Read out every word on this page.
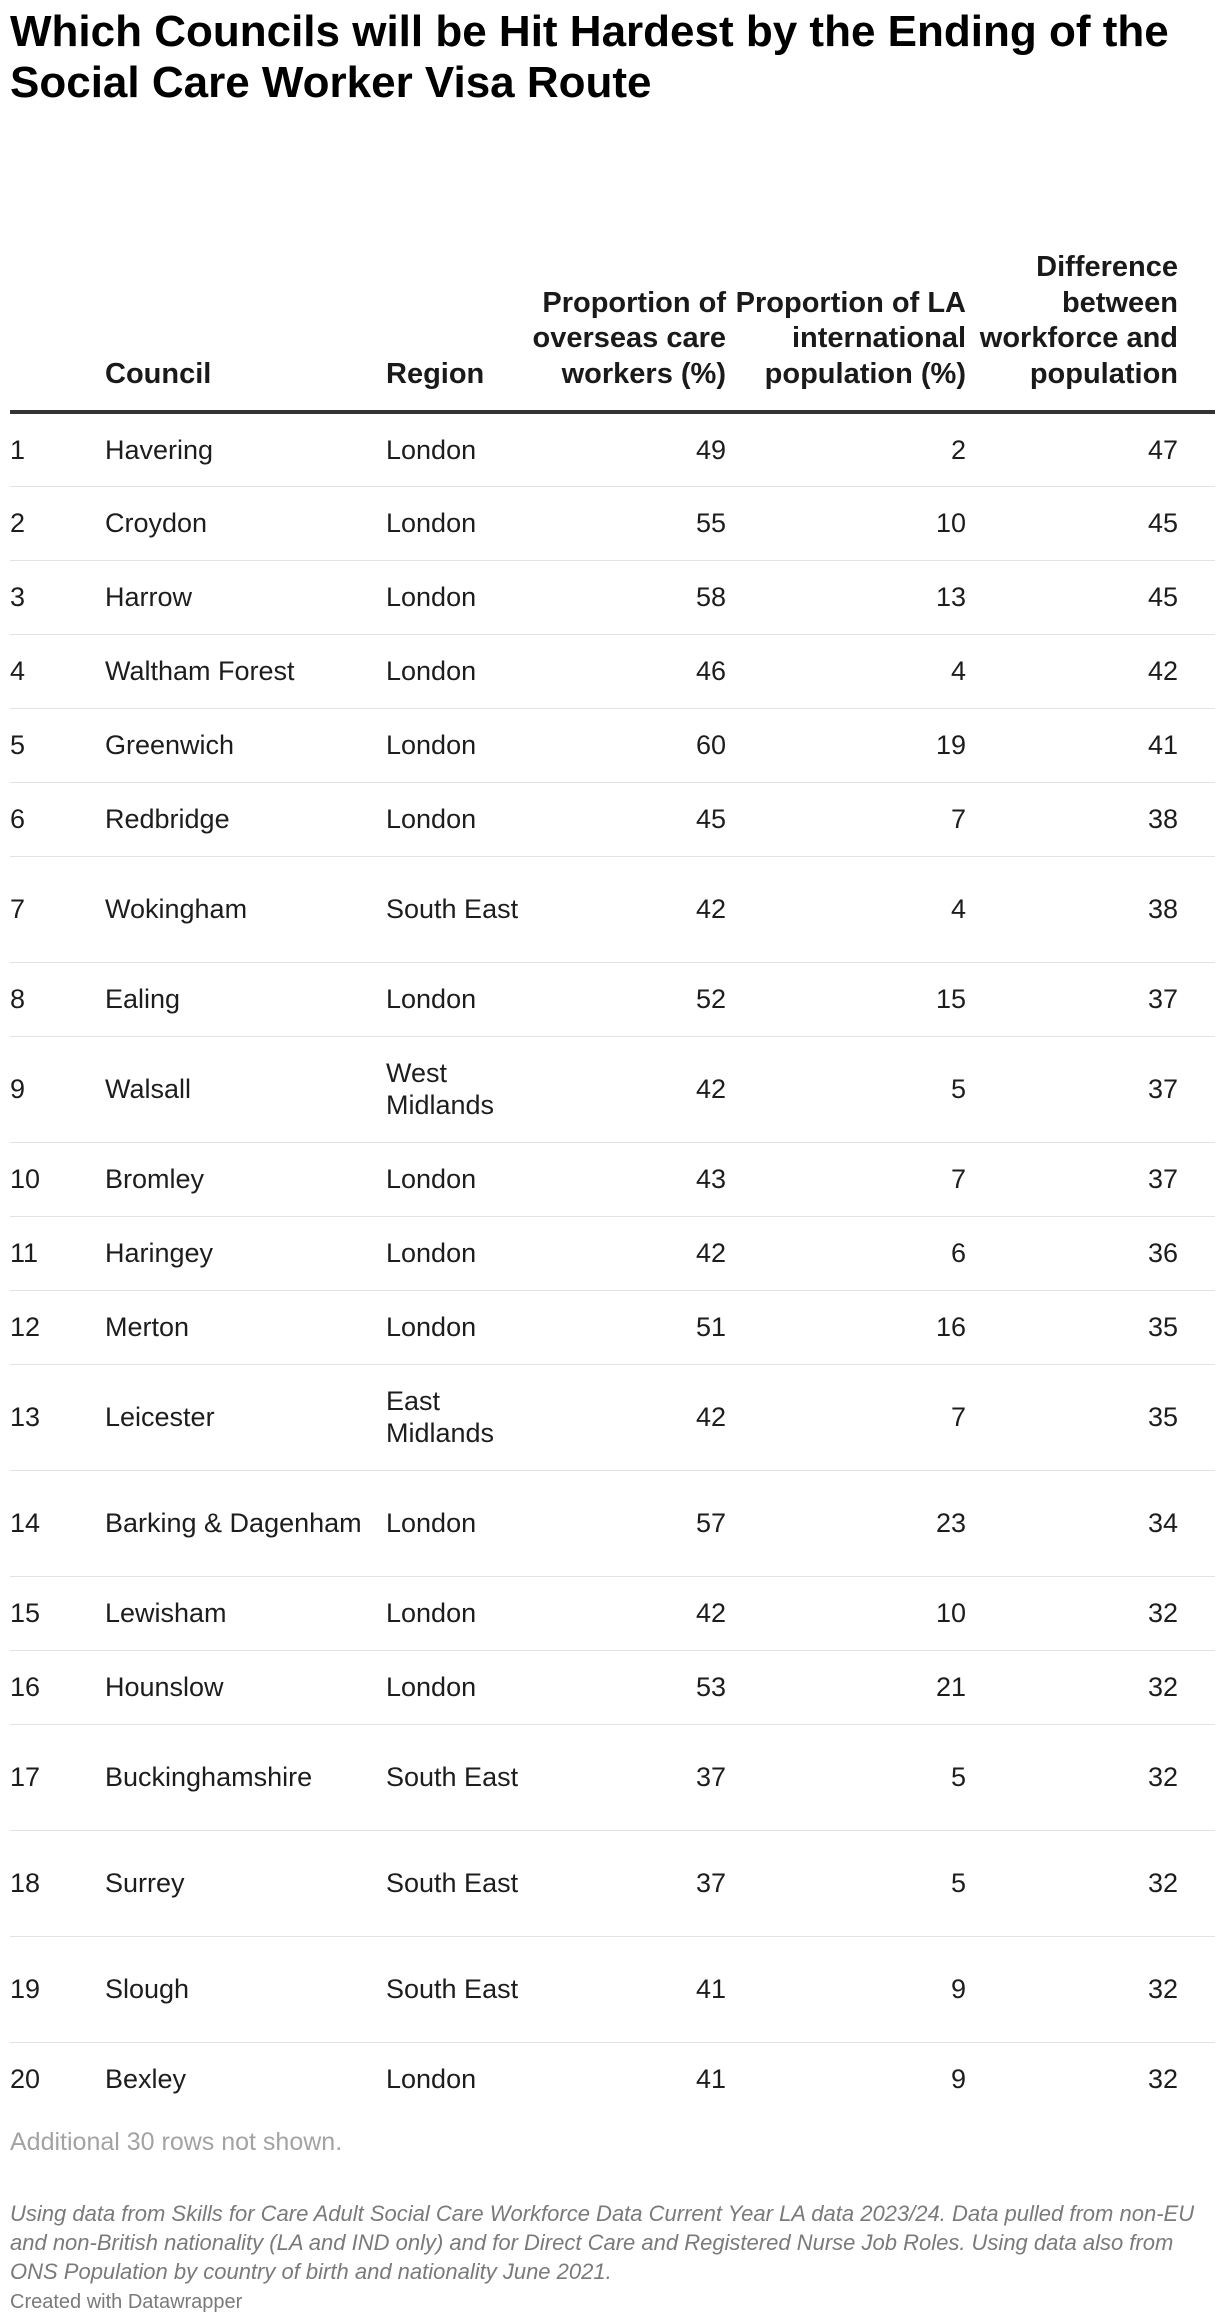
Which Councils will be Hit Hardest by the Ending of the Social Care Worker Visa Route
	Council	Region	Proportion of overseas care workers (%)	Proportion of LA international population (%)	Difference between workforce and population	
1	Havering	London	49	2	47	
2	Croydon	London	55	10	45	
3	Harrow	London	58	13	45	
4	Waltham Forest	London	46	4	42	
5	Greenwich	London	60	19	41	
6	Redbridge	London	45	7	38	
7	Wokingham	South East	42	4	38	
8	Ealing	London	52	15	37	
9	Walsall	West Midlands	42	5	37	
10	Bromley	London	43	7	37	
11	Haringey	London	42	6	36	
12	Merton	London	51	16	35	
13	Leicester	East Midlands	42	7	35	
14	Barking & Dagenham	London	57	23	34	
15	Lewisham	London	42	10	32	
16	Hounslow	London	53	21	32	
17	Buckinghamshire	South East	37	5	32	
18	Surrey	South East	37	5	32	
19	Slough	South East	41	9	32	
20	Bexley	London	41	9	32	
Additional 30 rows not shown.
Using data from Skills for Care Adult Social Care Workforce Data Current Year LA data 2023/24. Data pulled from non-EU and non-British nationality (LA and IND only) and for Direct Care and Registered Nurse Job Roles. Using data also from ONS Population by country of birth and nationality June 2021.
Created with Datawrapper
